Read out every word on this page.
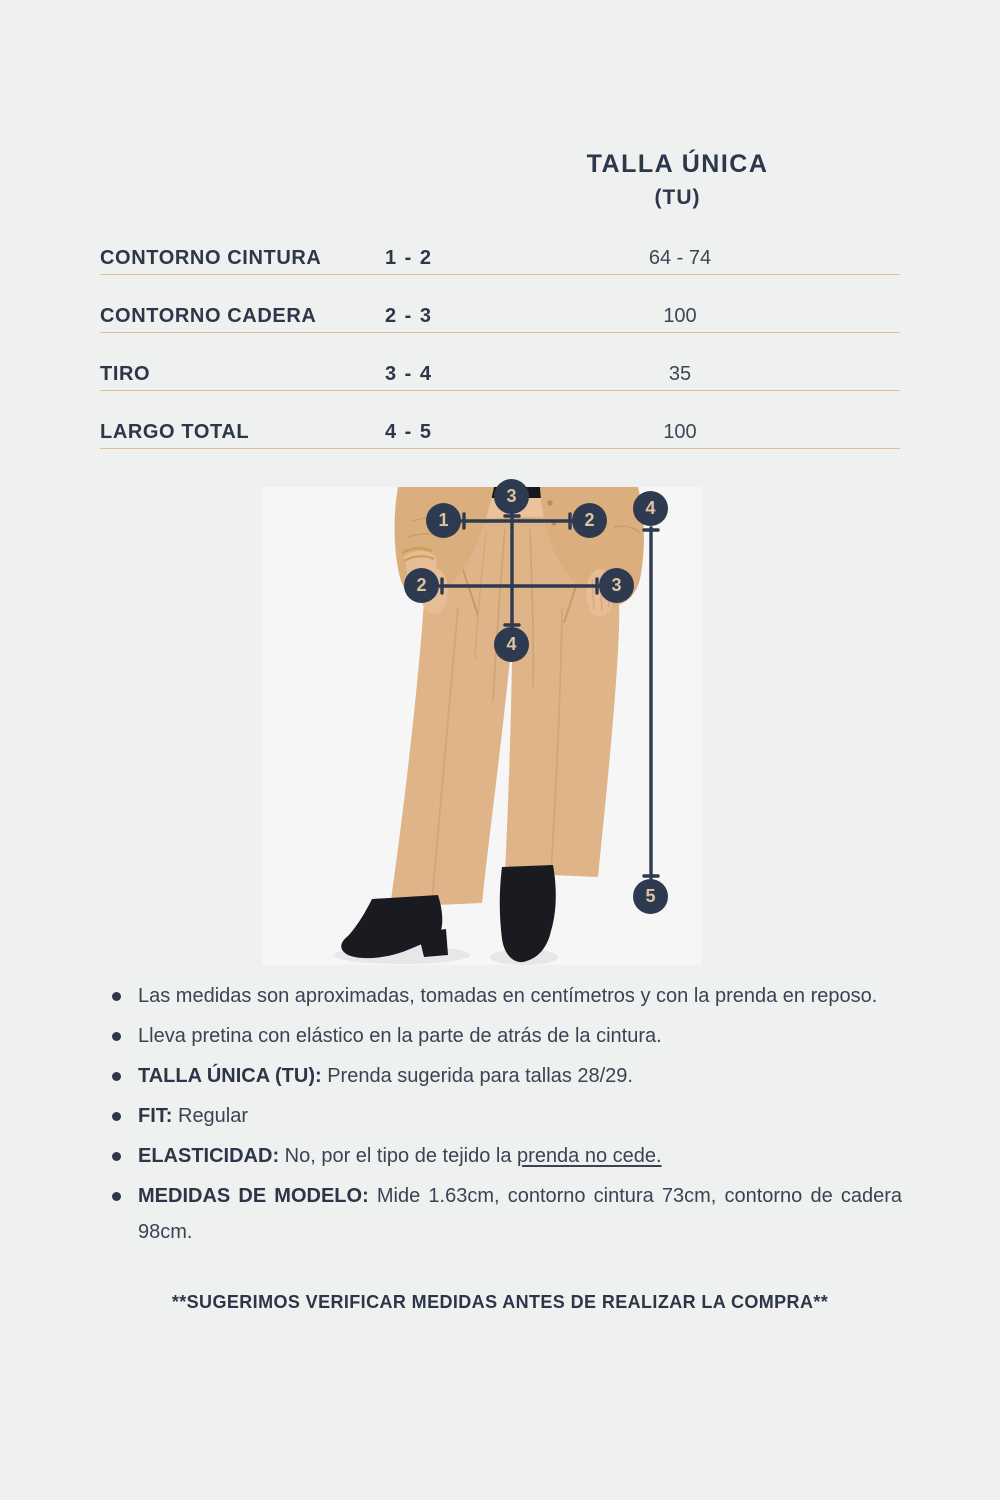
TALLA ÚNICA
(TU)
CONTORNO CINTURA	1 - 2	64 - 74
CONTORNO CADERA	2 - 3	100
TIRO	3 - 4	35
LARGO TOTAL	4 - 5	100
3
1	2
2	3
4
4
5
Las medidas son aproximadas, tomadas en centímetros y con la prenda en reposo.
Lleva pretina con elástico en la parte de atrás de la cintura.
TALLA ÚNICA (TU): Prenda sugerida para tallas 28/29.
FIT: Regular
ELASTICIDAD: No, por el tipo de tejido la prenda no cede.
MEDIDAS DE MODELO: Mide 1.63cm, contorno cintura 73cm, contorno de cadera 98cm.
**SUGERIMOS VERIFICAR MEDIDAS ANTES DE REALIZAR LA COMPRA**
